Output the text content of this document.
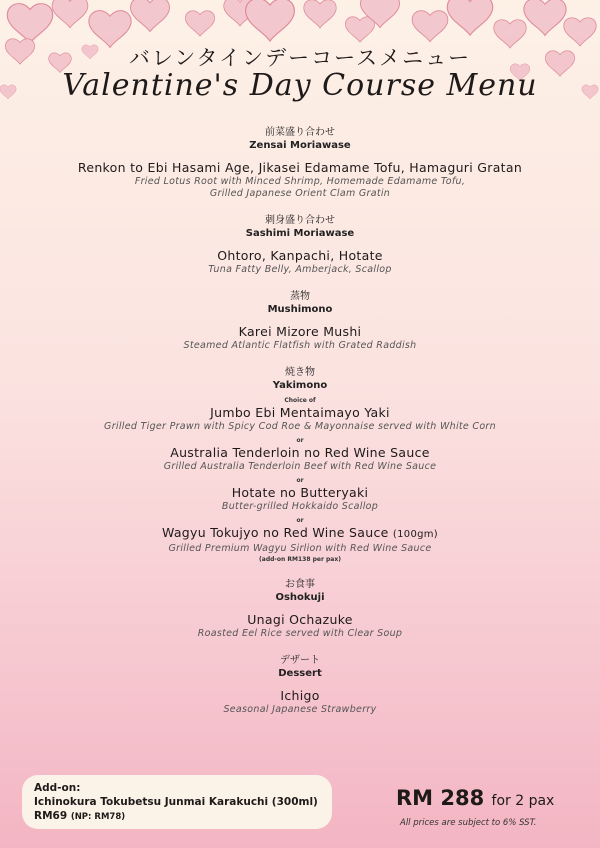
バレンタインデーコースメニュー
Valentine's Day Course Menu
前菜盛り合わせ
Zensai Moriawase
Renkon to Ebi Hasami Age, Jikasei Edamame Tofu, Hamaguri Gratan
Fried Lotus Root with Minced Shrimp, Homemade Edamame Tofu,
Grilled Japanese Orient Clam Gratin
刺身盛り合わせ
Sashimi Moriawase
Ohtoro, Kanpachi, Hotate
Tuna Fatty Belly, Amberjack, Scallop
蒸物
Mushimono
Karei Mizore Mushi
Steamed Atlantic Flatfish with Grated Raddish
焼き物
Yakimono
Choice of
Jumbo Ebi Mentaimayo Yaki
Grilled Tiger Prawn with Spicy Cod Roe & Mayonnaise served with White Corn
or
Australia Tenderloin no Red Wine Sauce
Grilled Australia Tenderloin Beef with Red Wine Sauce
or
Hotate no Butteryaki
Butter-grilled Hokkaido Scallop
or
Wagyu Tokujyo no Red Wine Sauce (100gm)
Grilled Premium Wagyu Sirlion with Red Wine Sauce
(add-on RM138 per pax)
お食事
Oshokuji
Unagi Ochazuke
Roasted Eel Rice served with Clear Soup
デザート
Dessert
Ichigo
Seasonal Japanese Strawberry
Add-on:
Ichinokura Tokubetsu Junmai Karakuchi (300ml)
RM69 (NP: RM78)
RM 288 for 2 pax
All prices are subject to 6% SST.
